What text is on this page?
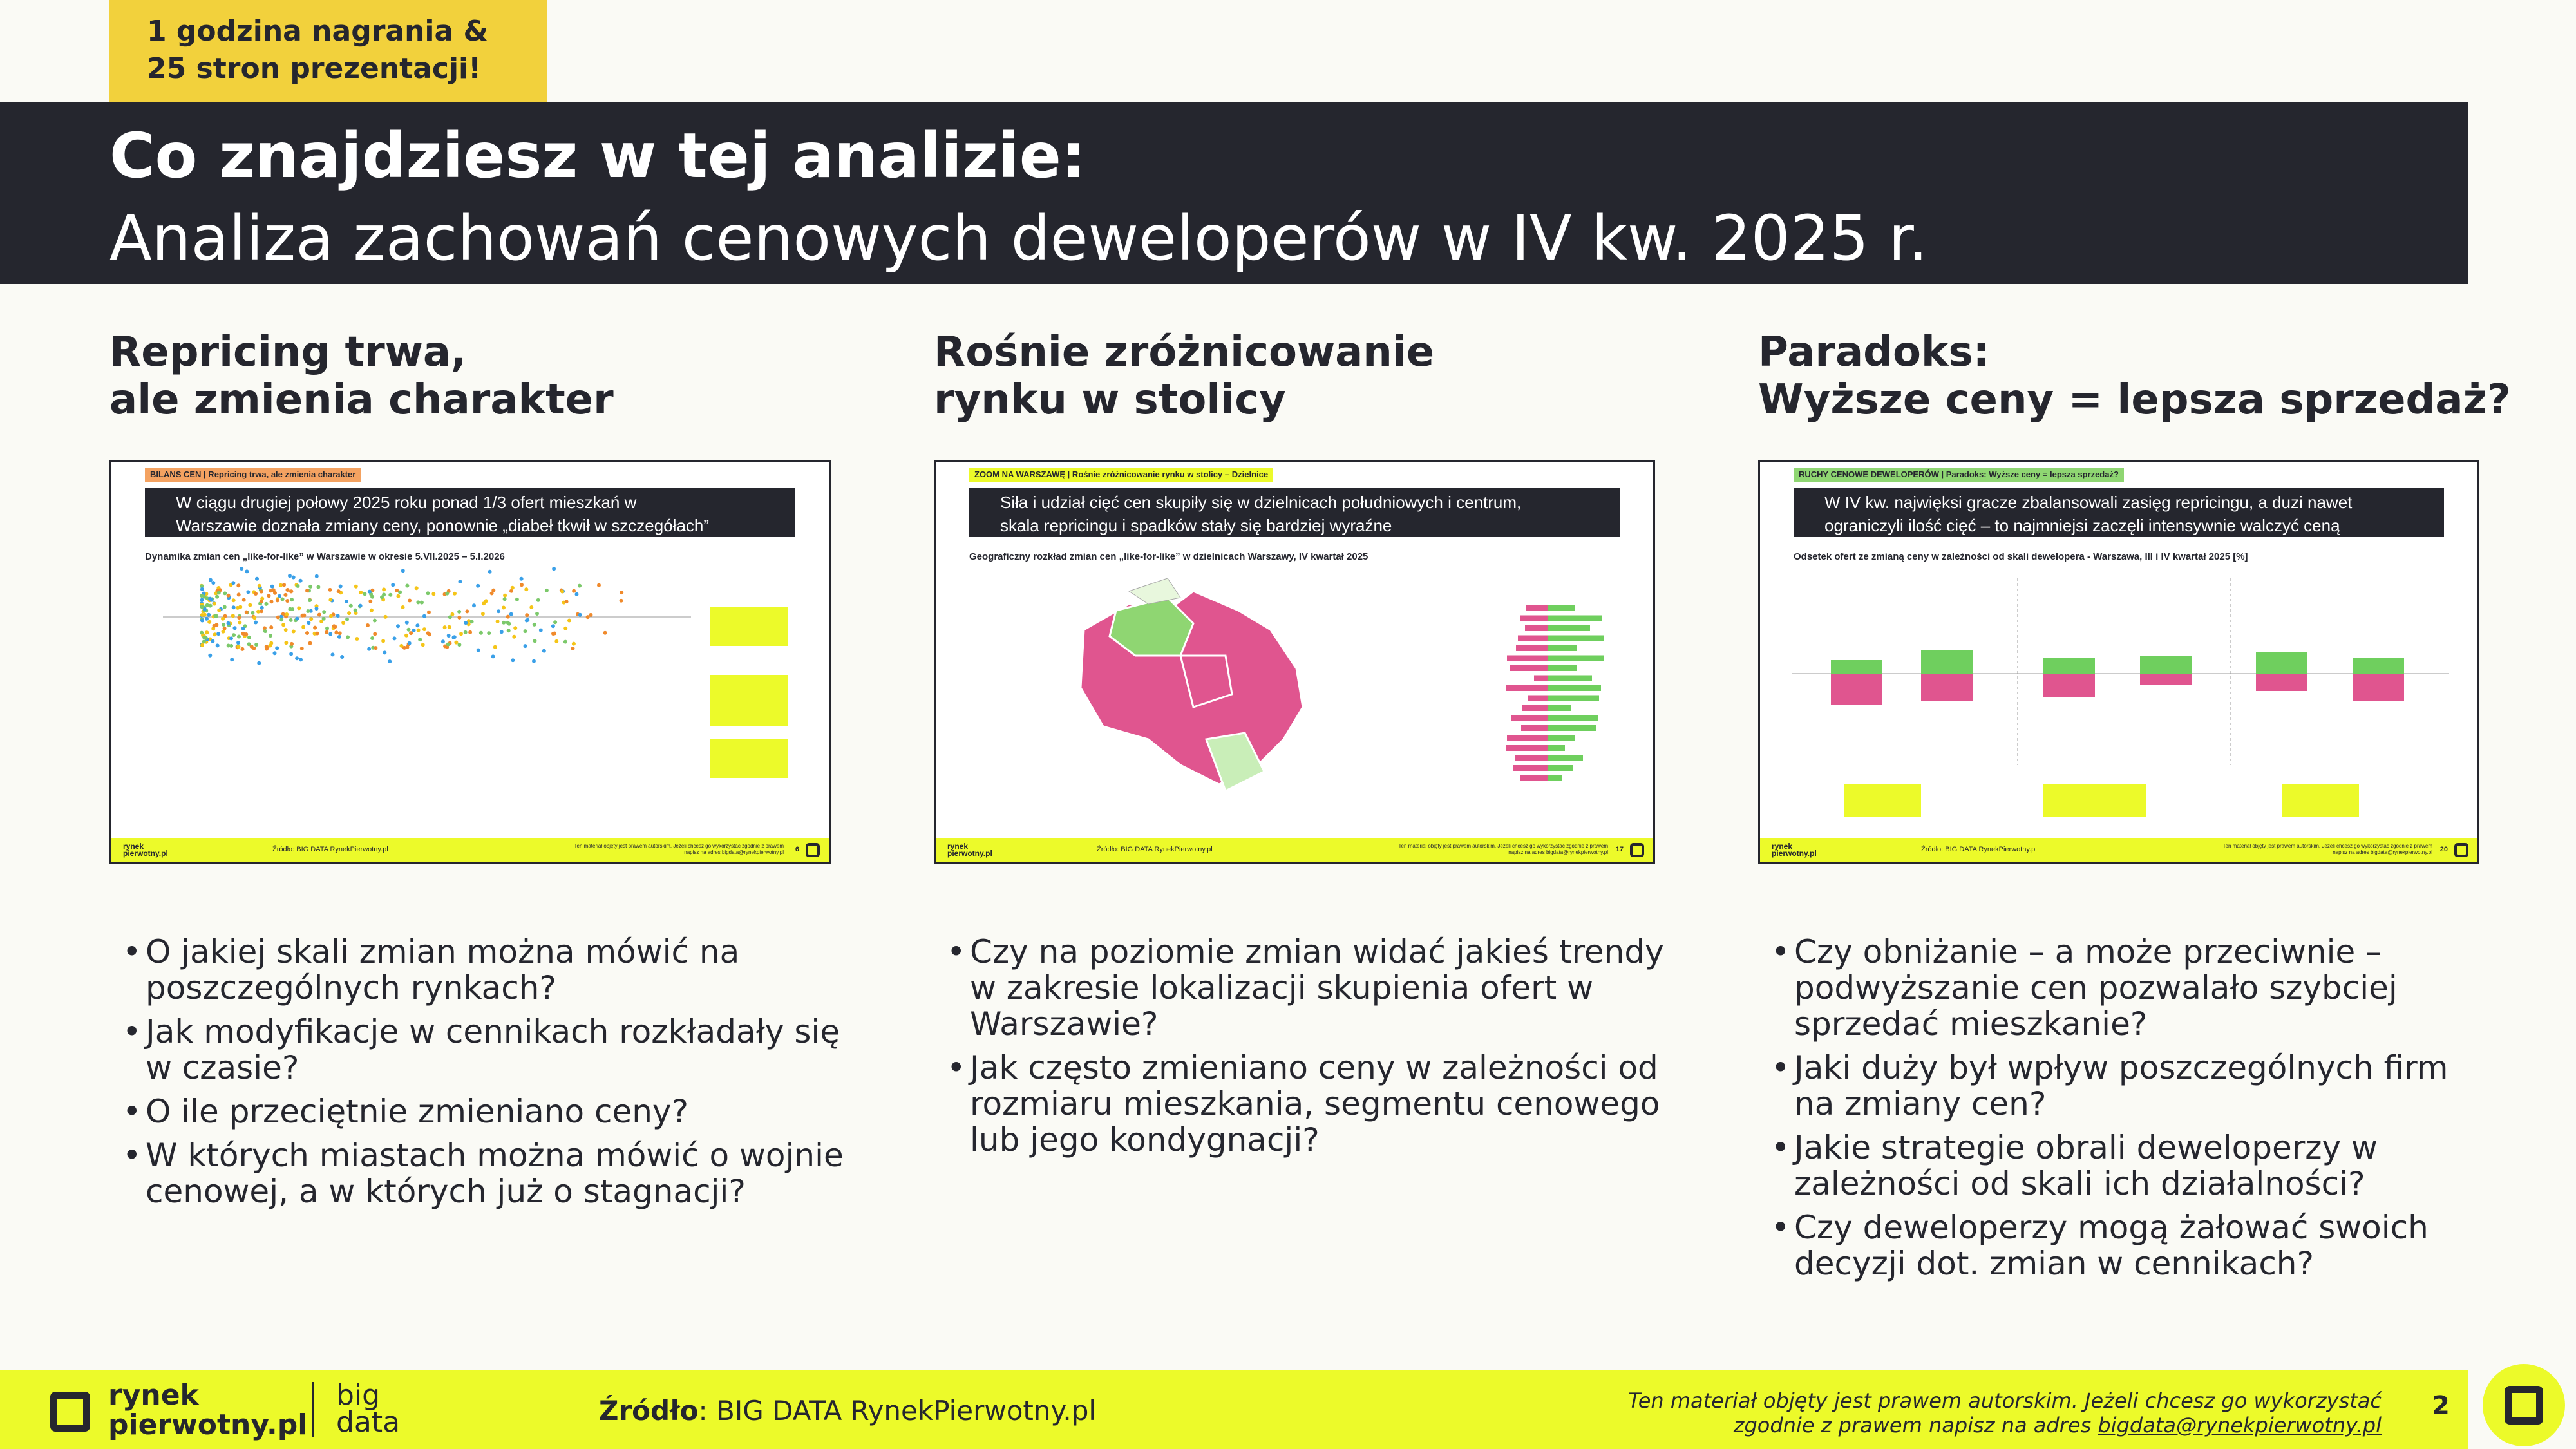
1 godzina nagrania &
25 stron prezentacji!
Co znajdziesz w tej analizie:
Analiza zachowań cenowych deweloperów w IV kw. 2025 r.
Repricing trwa,
ale zmienia charakter
BILANS CEN | Repricing trwa, ale zmienia charakter
W ciągu drugiej połowy 2025 roku ponad 1/3 ofert mieszkań w
Warszawie doznała zmiany ceny, ponownie „diabeł tkwił w szczegółach”
Dynamika zmian cen „like-for-like” w Warszawie w okresie 5.VII.2025 – 5.I.2026
rynek
pierwotny.pl	Źródło: BIG DATA RynekPierwotny.pl	Ten materiał objęty jest prawem autorskim. Jeżeli chcesz go wykorzystać zgodnie z prawem napisz na adres bigdata@rynekpierwotny.pl 6
• O jakiej skali zmian można mówić na poszczególnych rynkach?
• Jak modyfikacje w cennikach rozkładały się w czasie?
• O ile przeciętnie zmieniano ceny?
• W których miastach można mówić o wojnie cenowej, a w których już o stagnacji?
Rośnie zróżnicowanie
rynku w stolicy
ZOOM NA WARSZAWĘ | Rośnie zróżnicowanie rynku w stolicy – Dzielnice
Siła i udział cięć cen skupiły się w dzielnicach południowych i centrum,
skala repricingu i spadków stały się bardziej wyraźne
Geograficzny rozkład zmian cen „like-for-like” w dzielnicach Warszawy, IV kwartał 2025
rynek
pierwotny.pl	Źródło: BIG DATA RynekPierwotny.pl	Ten materiał objęty jest prawem autorskim. Jeżeli chcesz go wykorzystać zgodnie z prawem napisz na adres bigdata@rynekpierwotny.pl 17
• Czy na poziomie zmian widać jakieś trendy w zakresie lokalizacji skupienia ofert w Warszawie?
• Jak często zmieniano ceny w zależności od rozmiaru mieszkania, segmentu cenowego lub jego kondygnacji?
Paradoks:
Wyższe ceny = lepsza sprzedaż?
RUCHY CENOWE DEWELOPERÓW | Paradoks: Wyższe ceny = lepsza sprzedaż?
W IV kw. najwięksi gracze zbalansowali zasięg repricingu, a duzi nawet
ograniczyli ilość cięć – to najmniejsi zaczęli intensywnie walczyć ceną
Odsetek ofert ze zmianą ceny w zależności od skali dewelopera - Warszawa, III i IV kwartał 2025 [%]
rynek
pierwotny.pl	Źródło: BIG DATA RynekPierwotny.pl	Ten materiał objęty jest prawem autorskim. Jeżeli chcesz go wykorzystać zgodnie z prawem napisz na adres bigdata@rynekpierwotny.pl 20
• Czy obniżanie – a może przeciwnie – podwyższanie cen pozwalało szybciej sprzedać mieszkanie?
• Jaki duży był wpływ poszczególnych firm na zmiany cen?
• Jakie strategie obrali deweloperzy w zależności od skali ich działalności?
• Czy deweloperzy mogą żałować swoich decyzji dot. zmian w cennikach?
rynek
pierwotny.pl
big
data	Źródło: BIG DATA RynekPierwotny.pl	Ten materiał objęty jest prawem autorskim. Jeżeli chcesz go wykorzystać
zgodnie z prawem napisz na adres bigdata@rynekpierwotny.pl
2
